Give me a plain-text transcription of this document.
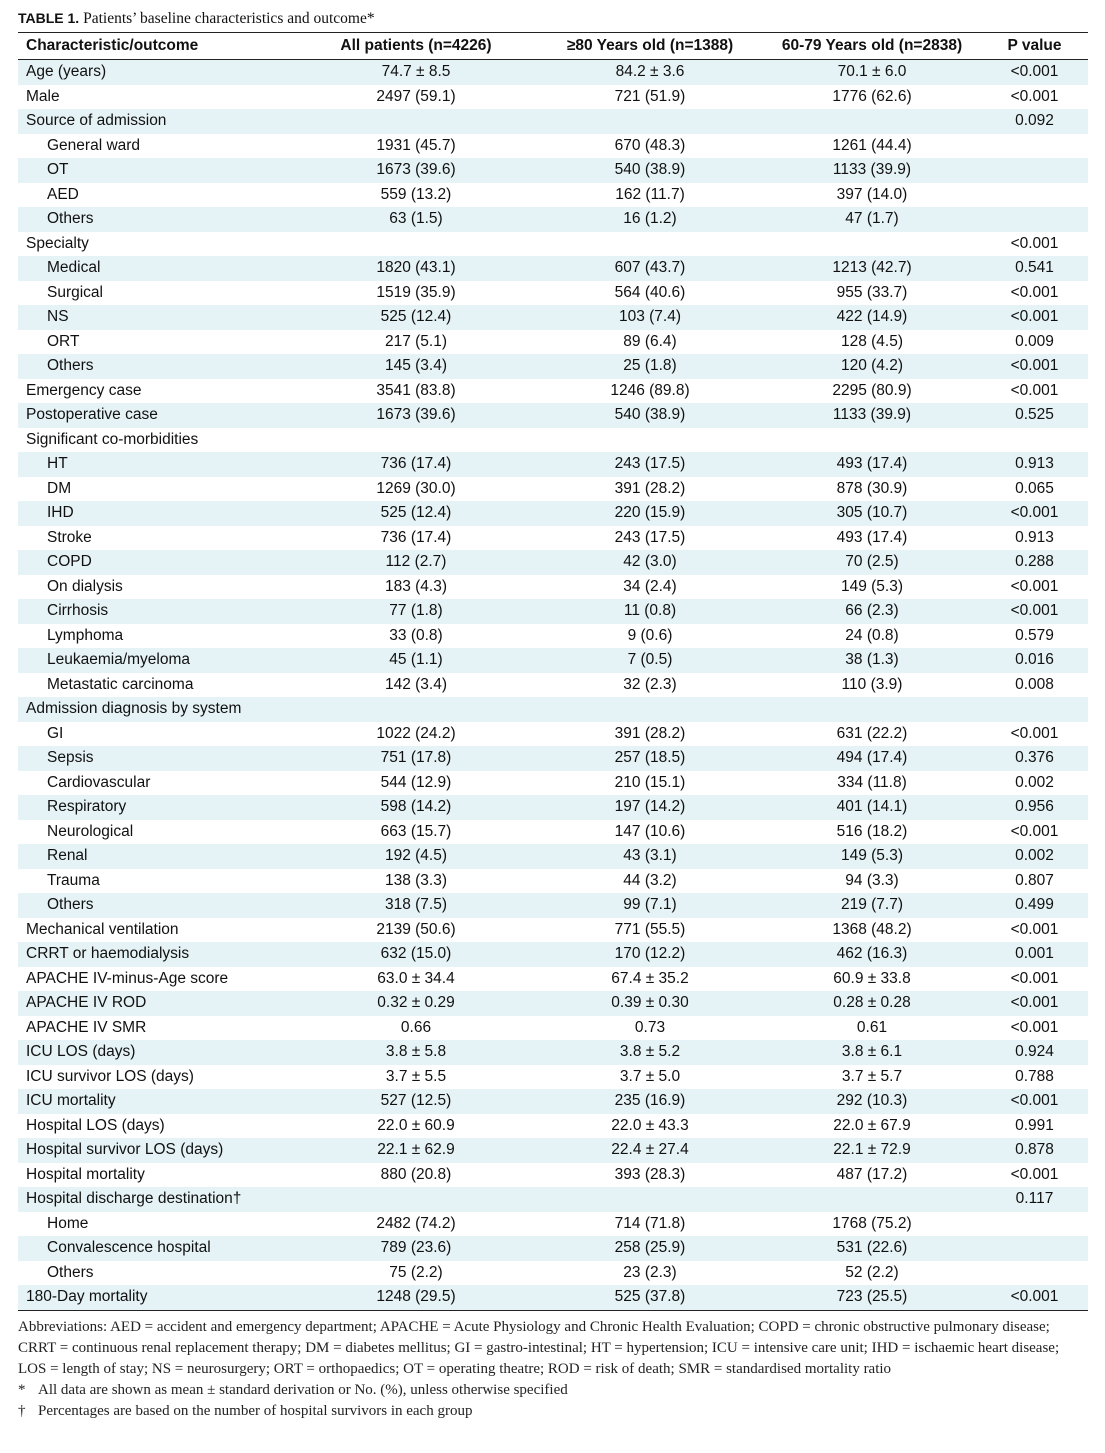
TABLE 1. Patients’ baseline characteristics and outcome*
Characteristic/outcome	All patients (n=4226)	≥80 Years old (n=1388)	60-79 Years old (n=2838)	P value
Age (years)	74.7 ± 8.5	84.2 ± 3.6	70.1 ± 6.0	<0.001
Male	2497 (59.1)	721 (51.9)	1776 (62.6)	<0.001
Source of admission				0.092
General ward	1931 (45.7)	670 (48.3)	1261 (44.4)	
OT	1673 (39.6)	540 (38.9)	1133 (39.9)	
AED	559 (13.2)	162 (11.7)	397 (14.0)	
Others	63 (1.5)	16 (1.2)	47 (1.7)	
Specialty				<0.001
Medical	1820 (43.1)	607 (43.7)	1213 (42.7)	0.541
Surgical	1519 (35.9)	564 (40.6)	955 (33.7)	<0.001
NS	525 (12.4)	103 (7.4)	422 (14.9)	<0.001
ORT	217 (5.1)	89 (6.4)	128 (4.5)	0.009
Others	145 (3.4)	25 (1.8)	120 (4.2)	<0.001
Emergency case	3541 (83.8)	1246 (89.8)	2295 (80.9)	<0.001
Postoperative case	1673 (39.6)	540 (38.9)	1133 (39.9)	0.525
Significant co-morbidities				
HT	736 (17.4)	243 (17.5)	493 (17.4)	0.913
DM	1269 (30.0)	391 (28.2)	878 (30.9)	0.065
IHD	525 (12.4)	220 (15.9)	305 (10.7)	<0.001
Stroke	736 (17.4)	243 (17.5)	493 (17.4)	0.913
COPD	112 (2.7)	42 (3.0)	70 (2.5)	0.288
On dialysis	183 (4.3)	34 (2.4)	149 (5.3)	<0.001
Cirrhosis	77 (1.8)	11 (0.8)	66 (2.3)	<0.001
Lymphoma	33 (0.8)	9 (0.6)	24 (0.8)	0.579
Leukaemia/myeloma	45 (1.1)	7 (0.5)	38 (1.3)	0.016
Metastatic carcinoma	142 (3.4)	32 (2.3)	110 (3.9)	0.008
Admission diagnosis by system				
GI	1022 (24.2)	391 (28.2)	631 (22.2)	<0.001
Sepsis	751 (17.8)	257 (18.5)	494 (17.4)	0.376
Cardiovascular	544 (12.9)	210 (15.1)	334 (11.8)	0.002
Respiratory	598 (14.2)	197 (14.2)	401 (14.1)	0.956
Neurological	663 (15.7)	147 (10.6)	516 (18.2)	<0.001
Renal	192 (4.5)	43 (3.1)	149 (5.3)	0.002
Trauma	138 (3.3)	44 (3.2)	94 (3.3)	0.807
Others	318 (7.5)	99 (7.1)	219 (7.7)	0.499
Mechanical ventilation	2139 (50.6)	771 (55.5)	1368 (48.2)	<0.001
CRRT or haemodialysis	632 (15.0)	170 (12.2)	462 (16.3)	0.001
APACHE IV-minus-Age score	63.0 ± 34.4	67.4 ± 35.2	60.9 ± 33.8	<0.001
APACHE IV ROD	0.32 ± 0.29	0.39 ± 0.30	0.28 ± 0.28	<0.001
APACHE IV SMR	0.66	0.73	0.61	<0.001
ICU LOS (days)	3.8 ± 5.8	3.8 ± 5.2	3.8 ± 6.1	0.924
ICU survivor LOS (days)	3.7 ± 5.5	3.7 ± 5.0	3.7 ± 5.7	0.788
ICU mortality	527 (12.5)	235 (16.9)	292 (10.3)	<0.001
Hospital LOS (days)	22.0 ± 60.9	22.0 ± 43.3	22.0 ± 67.9	0.991
Hospital survivor LOS (days)	22.1 ± 62.9	22.4 ± 27.4	22.1 ± 72.9	0.878
Hospital mortality	880 (20.8)	393 (28.3)	487 (17.2)	<0.001
Hospital discharge destination†				0.117
Home	2482 (74.2)	714 (71.8)	1768 (75.2)	
Convalescence hospital	789 (23.6)	258 (25.9)	531 (22.6)	
Others	75 (2.2)	23 (2.3)	52 (2.2)	
180-Day mortality	1248 (29.5)	525 (37.8)	723 (25.5)	<0.001

Abbreviations: AED = accident and emergency department; APACHE = Acute Physiology and Chronic Health Evaluation; COPD = chronic obstructive pulmonary disease; CRRT = continuous renal replacement therapy; DM = diabetes mellitus; GI = gastro-intestinal; HT = hypertension; ICU = intensive care unit; IHD = ischaemic heart disease; LOS = length of stay; NS = neurosurgery; ORT = orthopaedics; OT = operating theatre; ROD = risk of death; SMR = standardised mortality ratio

* All data are shown as mean ± standard derivation or No. (%), unless otherwise specified
† Percentages are based on the number of hospital survivors in each group
